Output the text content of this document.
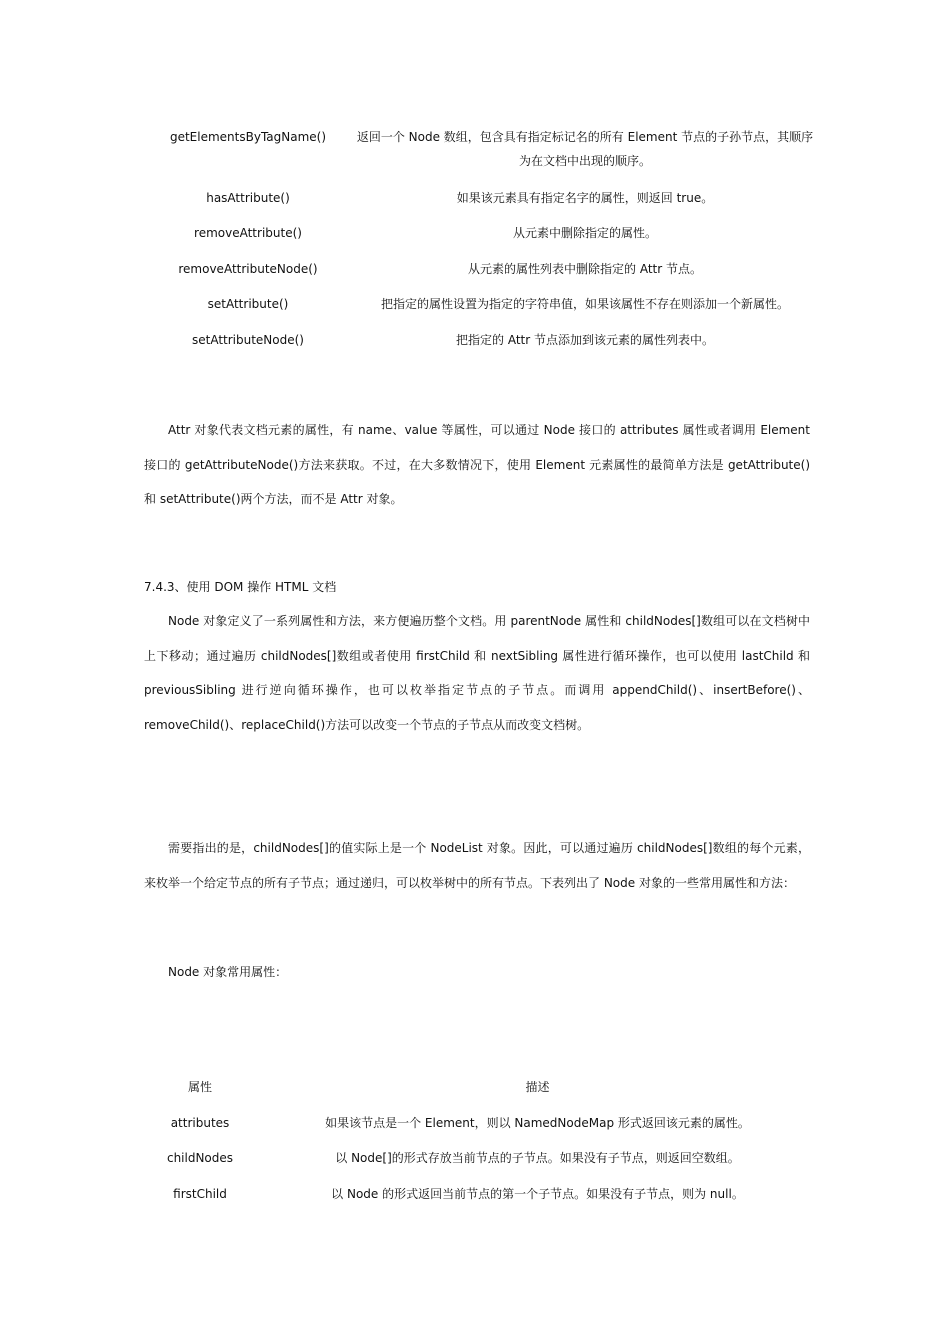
getElementsByTagName()	返回一个 Node 数组，包含具有指定标记名的所有 Element 节点的子孙节点，其顺序为在文档中出现的顺序。
hasAttribute()	如果该元素具有指定名字的属性，则返回 true。
removeAttribute()	从元素中删除指定的属性。
removeAttributeNode()	从元素的属性列表中删除指定的 Attr 节点。
setAttribute()	把指定的属性设置为指定的字符串值，如果该属性不存在则添加一个新属性。
setAttributeNode()	把指定的 Attr 节点添加到该元素的属性列表中。
Attr 对象代表文档元素的属性，有 name、value 等属性，可以通过 Node 接口的 attributes 属性或者调用 Element 接口的 getAttributeNode()方法来获取。不过，在大多数情况下，使用 Element 元素属性的最简单方法是 getAttribute()和 setAttribute()两个方法，而不是 Attr 对象。
7.4.3、使用 DOM 操作 HTML 文档
Node 对象定义了一系列属性和方法，来方便遍历整个文档。用 parentNode 属性和 childNodes[]数组可以在文档树中上下移动；通过遍历 childNodes[]数组或者使用 firstChild 和 nextSibling 属性进行循环操作，也可以使用 lastChild 和 previousSibling 进行逆向循环操作，也可以枚举指定节点的子节点。而调用 appendChild()、insertBefore()、removeChild()、replaceChild()方法可以改变一个节点的子节点从而改变文档树。
需要指出的是，childNodes[]的值实际上是一个 NodeList 对象。因此，可以通过遍历 childNodes[]数组的每个元素，来枚举一个给定节点的所有子节点；通过递归，可以枚举树中的所有节点。下表列出了 Node 对象的一些常用属性和方法：
Node 对象常用属性：
属性	描述
attributes	如果该节点是一个 Element，则以 NamedNodeMap 形式返回该元素的属性。
childNodes	以 Node[]的形式存放当前节点的子节点。如果没有子节点，则返回空数组。
firstChild	以 Node 的形式返回当前节点的第一个子节点。如果没有子节点，则为 null。
